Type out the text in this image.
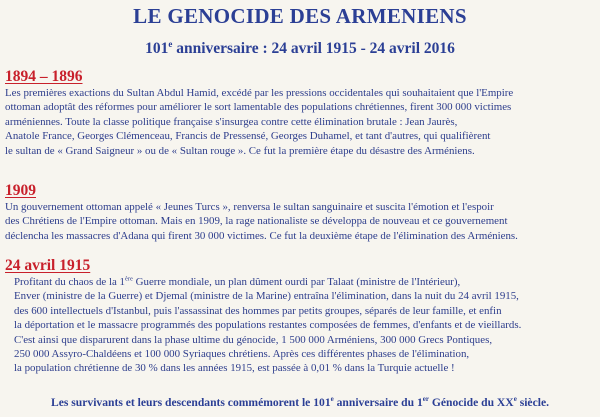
LE GENOCIDE DES ARMENIENS
101e anniversaire : 24 avril 1915 - 24 avril 2016
1894 – 1896

Les premières exactions du Sultan Abdul Hamid, excédé par les pressions occidentales qui souhaitaient que l'Empire

ottoman adoptât des réformes pour améliorer le sort lamentable des populations chrétiennes, firent 300 000 victimes

arméniennes. Toute la classe politique française s'insurgea contre cette élimination brutale : Jean Jaurès,

Anatole France, Georges Clémenceau, Francis de Pressensé, Georges Duhamel, et tant d'autres, qui qualifièrent

le sultan de « Grand Saigneur » ou de « Sultan rouge ». Ce fut la première étape du désastre des Arméniens.

1909

Un gouvernement ottoman appelé « Jeunes Turcs », renversa le sultan sanguinaire et suscita l'émotion et l'espoir

des Chrétiens de l'Empire ottoman. Mais en 1909, la rage nationaliste se développa de nouveau et ce gouvernement

déclencha les massacres d'Adana qui firent 30 000 victimes. Ce fut la deuxième étape de l'élimination des Arméniens.

24 avril 1915

Profitant du chaos de la 1ère Guerre mondiale, un plan dûment ourdi par Talaat (ministre de l'Intérieur),

Enver (ministre de la Guerre) et Djemal (ministre de la Marine) entraîna l'élimination, dans la nuit du 24 avril 1915,

des 600 intellectuels d'Istanbul, puis l'assassinat des hommes par petits groupes, séparés de leur famille, et enfin

la déportation et le massacre programmés des populations restantes composées de femmes, d'enfants et de vieillards.

C'est ainsi que disparurent dans la phase ultime du génocide, 1 500 000 Arméniens, 300 000 Grecs Pontiques,

250 000 Assyro-Chaldéens et 100 000 Syriaques chrétiens. Après ces différentes phases de l'élimination,

la population chrétienne de 30 % dans les années 1915, est passée à 0,01 % dans la Turquie actuelle !

Les survivants et leurs descendants commémorent le 101e anniversaire du 1er Génocide du XXe siècle.
